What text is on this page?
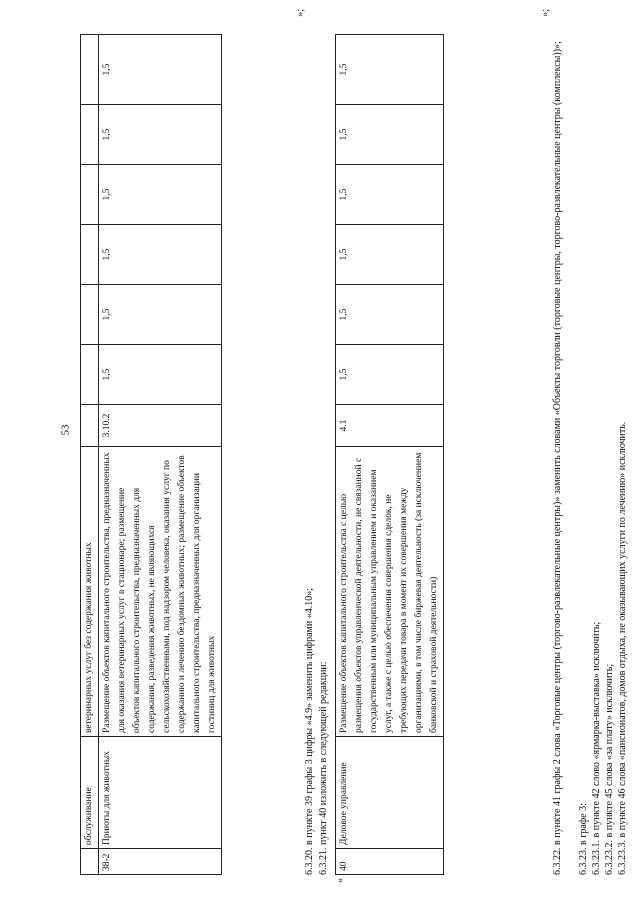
53
	обслуживание	ветеринарных услуг без содержания животных							
38-2	Приюты для животных	Размещение объектов капитального строительства, предназначенных для оказания ветеринарных услуг в стационаре; размещение объектов капитального строительства, предназначенных для содержания, разведения животных, не являющихся сельскохозяйственными, под надзором человека, оказания услуг по содержанию и лечению бездомных животных; размещение объектов капитального строительства, предназначенных для организации гостиниц для животных	3.10.2	1,5	1,5	1,5	1,5	1,5	1,5
»;

6.3.20. в пункте 39 графы 3 цифры «4.9» заменить цифрами «4.10»; 6.3.21. пункт 40 изложить в следующей редакции:

«
40	Деловое управление	Размещение объектов капитального строительства с целью размещения объектов управленческой деятельности, не связанной с государственным или муниципальным управлением и оказанием услуг, а также с целью обеспечения совершения сделок, не требующих передачи товара в момент их совершения между организациями, в том числе биржевая деятельность (за исключением банковской и страховой деятельности)	4.1	1,5	1,5	1,5	1,5	1,5	1,5
»;

6.3.22. в пункте 41 графы 2 слова «Торговые центры (торгово-развлекательные центры)» заменить словами «Объекты торговли (торговые центры, торгово-развлекательные центры (комплексы))»; 6.3.23. в графе 3: 6.3.23.1. в пункте 42 слово «ярмарка-выставка» исключить; 6.3.23.2. в пункте 45 слова «за плату» исключить; 6.3.23.3. в пункте 46 слова «пансионатов, домов отдыха, не оказывающих услуги по лечению» исключить.
